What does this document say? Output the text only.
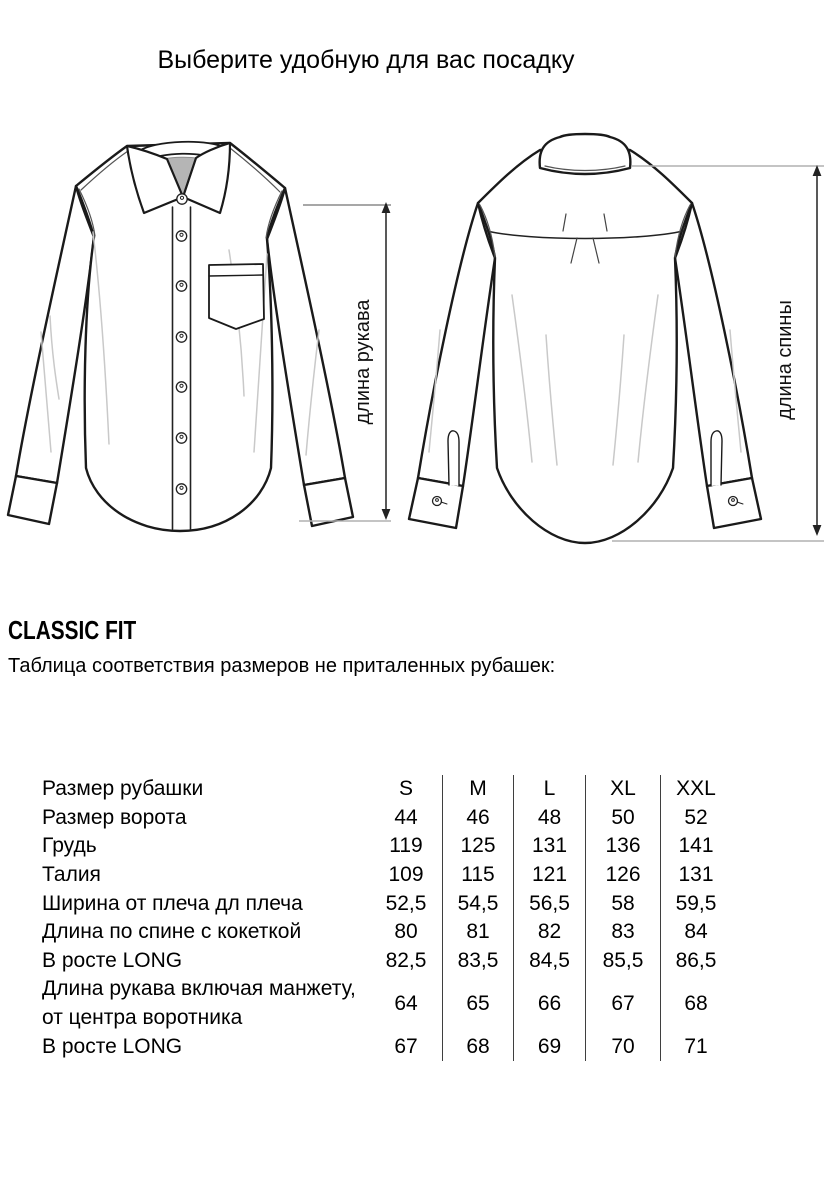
Выберите удобную для вас посадку
длина рукава	длина спины
CLASSIC FIT

Таблица соответствия размеров не приталенных рубашек:

Размер рубашки	S	M	L	XL	XXL
Размер ворота	44	46	48	50	52
Грудь	119	125	131	136	141
Талия	109	115	121	126	131
Ширина от плеча дл плеча	52,5	54,5	56,5	58	59,5
Длина по спине с кокеткой	80	81	82	83	84
В росте LONG	82,5	83,5	84,5	85,5	86,5

Длина рукава включая манжету,
от центра воротника	64	65	66	67	68
В росте LONG	67	68	69	70	71
